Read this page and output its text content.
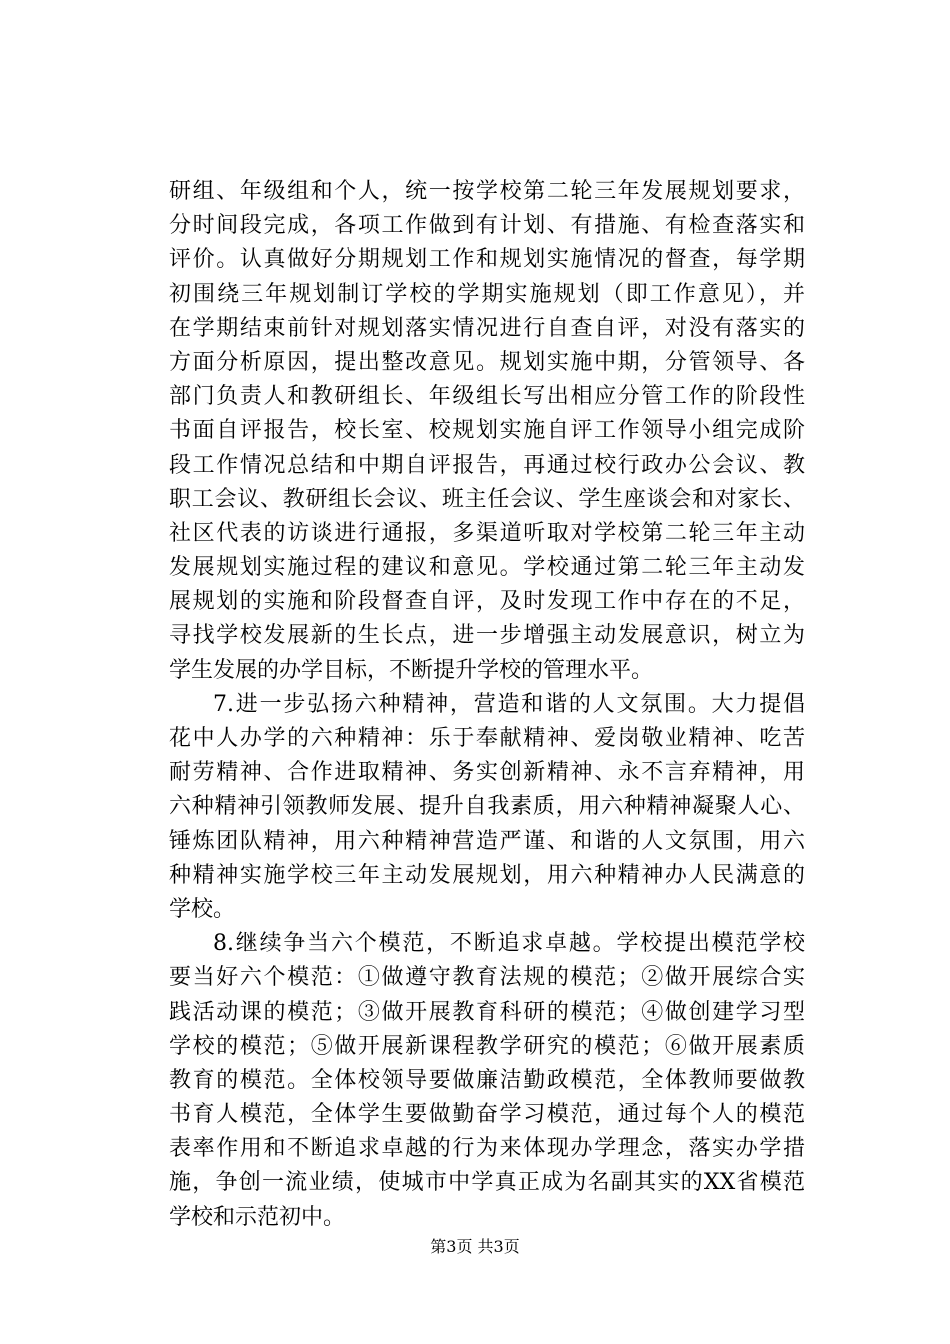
研组、年级组和个人，统一按学校第二轮三年发展规划要求，
分时间段完成，各项工作做到有计划、有措施、有检查落实和
评价。认真做好分期规划工作和规划实施情况的督查，每学期
初围绕三年规划制订学校的学期实施规划（即工作意见），并
在学期结束前针对规划落实情况进行自查自评，对没有落实的
方面分析原因，提出整改意见。规划实施中期，分管领导、各
部门负责人和教研组长、年级组长写出相应分管工作的阶段性
书面自评报告，校长室、校规划实施自评工作领导小组完成阶
段工作情况总结和中期自评报告，再通过校行政办公会议、教
职工会议、教研组长会议、班主任会议、学生座谈会和对家长、
社区代表的访谈进行通报，多渠道听取对学校第二轮三年主动
发展规划实施过程的建议和意见。学校通过第二轮三年主动发
展规划的实施和阶段督查自评，及时发现工作中存在的不足，
寻找学校发展新的生长点，进一步增强主动发展意识，树立为
学生发展的办学目标，不断提升学校的管理水平。
7.进一步弘扬六种精神，营造和谐的人文氛围。大力提倡
花中人办学的六种精神：乐于奉献精神、爱岗敬业精神、吃苦
耐劳精神、合作进取精神、务实创新精神、永不言弃精神，用
六种精神引领教师发展、提升自我素质，用六种精神凝聚人心、
锤炼团队精神，用六种精神营造严谨、和谐的人文氛围，用六
种精神实施学校三年主动发展规划，用六种精神办人民满意的
学校。
8.继续争当六个模范，不断追求卓越。学校提出模范学校
要当好六个模范：①做遵守教育法规的模范；②做开展综合实
践活动课的模范；③做开展教育科研的模范；④做创建学习型
学校的模范；⑤做开展新课程教学研究的模范；⑥做开展素质
教育的模范。全体校领导要做廉洁勤政模范，全体教师要做教
书育人模范，全体学生要做勤奋学习模范，通过每个人的模范
表率作用和不断追求卓越的行为来体现办学理念，落实办学措
施，争创一流业绩，使城市中学真正成为名副其实的XX省模范
学校和示范初中。
第3页 共3页
